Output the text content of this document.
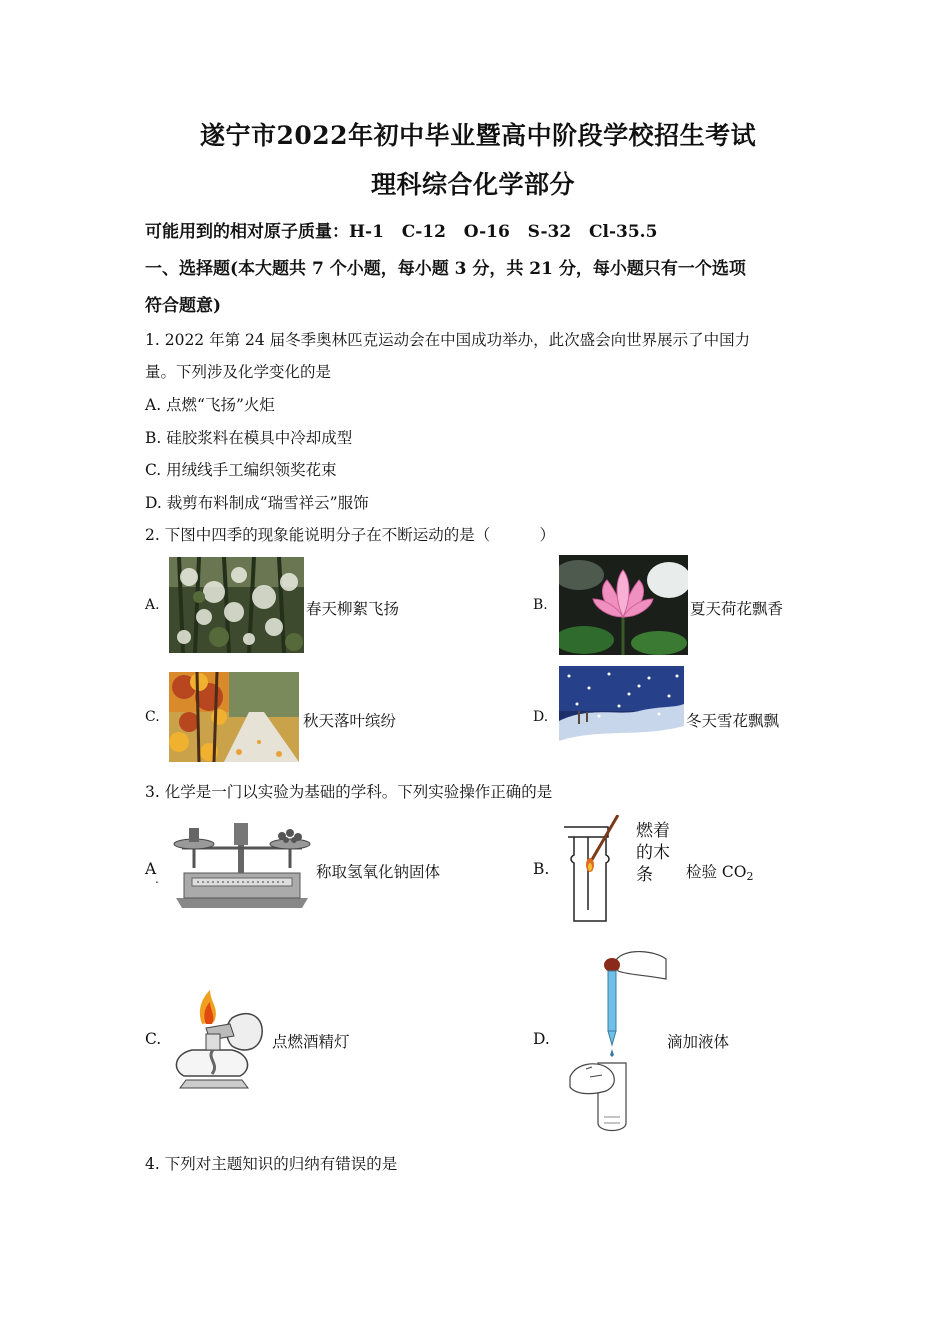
遂宁市2022年初中毕业暨高中阶段学校招生考试
理科综合化学部分
可能用到的相对原子质量：H-1   C-12   O-16   S-32   Cl-35.5
一、选择题(本大题共 7 个小题，每小题 3 分，共 21 分，每小题只有一个选项
符合题意)
1. 2022 年第 24 届冬季奥林匹克运动会在中国成功举办，此次盛会向世界展示了中国力
量。下列涉及化学变化的是
A. 点燃“飞扬”火炬
B. 硅胶浆料在模具中冷却成型
C. 用绒线手工编织领奖花束
D. 裁剪布料制成“瑞雪祥云”服饰
2. 下图中四季的现象能说明分子在不断运动的是（          ）
A.	春天柳絮飞扬	B.	夏天荷花飘香
C.	秋天落叶缤纷	D.	冬天雪花飘飘
3. 化学是一门以实验为基础的学科。下列实验操作正确的是
A
.	称取氢氧化钠固体	B.
燃着
的木
条 检验 $CO_2$
C.	点燃酒精灯	D.	滴加液体
4. 下列对主题知识的归纳有错误的是
